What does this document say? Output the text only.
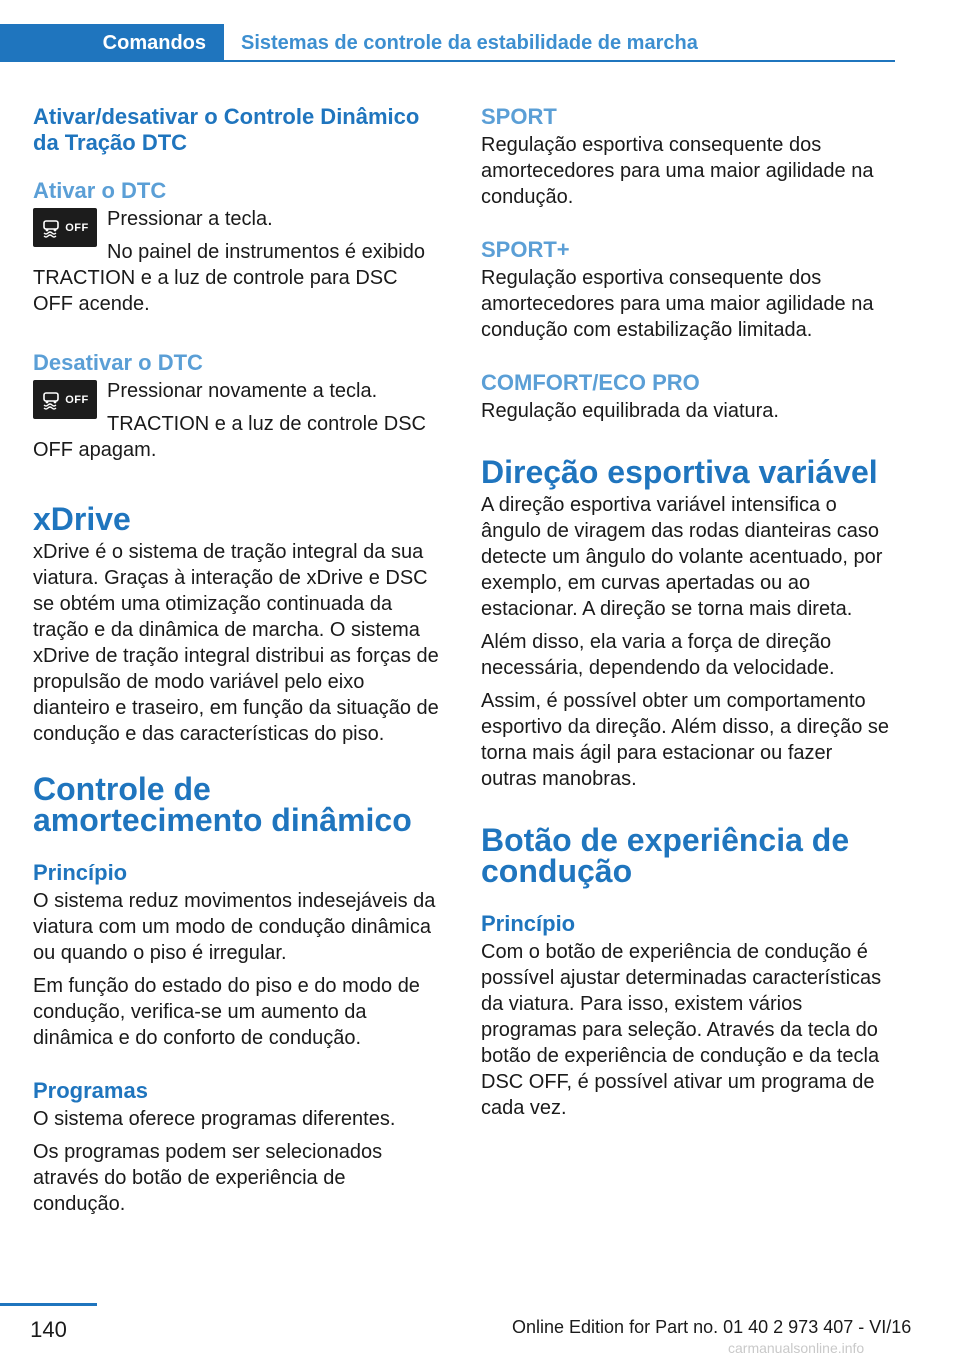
Comandos	Sistemas de controle da estabilidade de marcha
Ativar/desativar o Controle Dinâmico da Tração DTC
Ativar o DTC
OFF Pressionar a tecla.

No painel de instrumentos é exibido TRACTION e a luz de controle para DSC OFF acende.

Desativar o DTC
OFF Pressionar novamente a tecla.

TRACTION e a luz de controle DSC OFF apagam.

xDrive

xDrive é o sistema de tração integral da sua viatura. Graças à interação de xDrive e DSC se obtém uma otimização continuada da tração e da dinâmica de marcha. O sistema xDrive de tração integral distribui as forças de propulsão de modo variável pelo eixo dianteiro e traseiro, em função da situação de condução e das características do piso.

Controle de amortecimento dinâmico
Princípio

O sistema reduz movimentos indesejáveis da viatura com um modo de condução dinâmica ou quando o piso é irregular.

Em função do estado do piso e do modo de condução, verifica-se um aumento da dinâmica e do conforto de condução.

Programas

O sistema oferece programas diferentes.

Os programas podem ser selecionados através do botão de experiência de condução.

SPORT

Regulação esportiva consequente dos amortecedores para uma maior agilidade na condução.

SPORT+

Regulação esportiva consequente dos amortecedores para uma maior agilidade na condução com estabilização limitada.

COMFORT/ECO PRO

Regulação equilibrada da viatura.

Direção esportiva variável

A direção esportiva variável intensifica o ângulo de viragem das rodas dianteiras caso detecte um ângulo do volante acentuado, por exemplo, em curvas apertadas ou ao estacionar. A direção se torna mais direta.

Além disso, ela varia a força de direção necessária, dependendo da velocidade.

Assim, é possível obter um comportamento esportivo da direção. Além disso, a direção se torna mais ágil para estacionar ou fazer outras manobras.

Botão de experiência de condução
Princípio

Com o botão de experiência de condução é possível ajustar determinadas características da viatura. Para isso, existem vários programas para seleção. Através da tecla do botão de experiência de condução e da tecla DSC OFF, é possível ativar um programa de cada vez.

140	Online Edition for Part no. 01 40 2 973 407 - VI/16
carmanualsonline.info
